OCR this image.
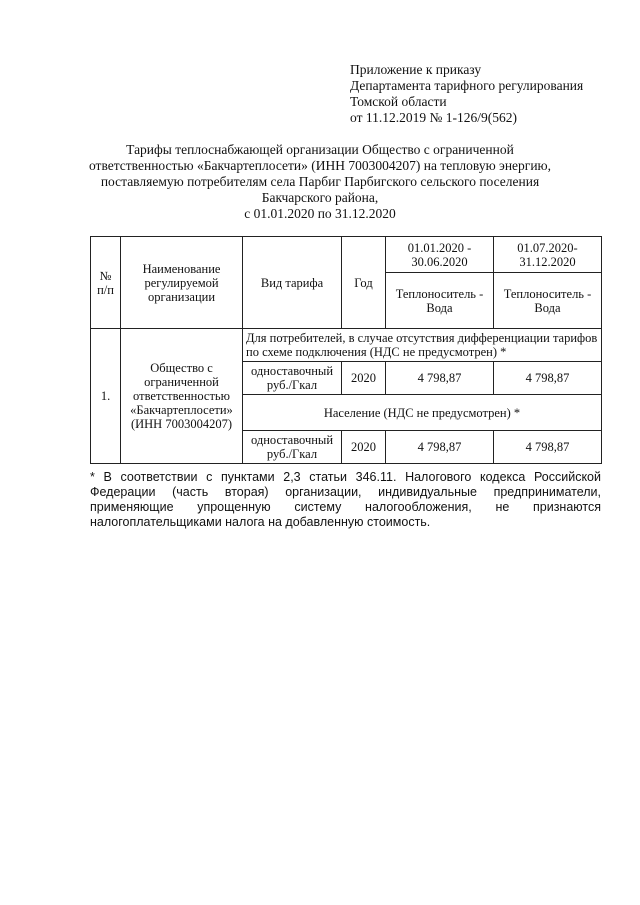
Приложение к приказу
Департамента тарифного регулирования
Томской области
от 11.12.2019 № 1-126/9(562)
Тарифы теплоснабжающей организации Общество с ограниченной
ответственностью «Бакчартеплосети» (ИНН 7003004207) на тепловую энергию,
поставляемую потребителям села Парбиг Парбигского сельского поселения
Бакчарского района,
с 01.01.2020 по 31.12.2020
№ п/п	Наименование регулируемой организации	Вид тарифа	Год	01.01.2020 - 30.06.2020	01.07.2020- 31.12.2020
				Теплоноситель - Вода	Теплоноситель - Вода
1.	Общество с ограниченной ответственностью «Бакчартеплосети» (ИНН 7003004207)	Для потребителей, в случае отсутствия дифференциации тарифов по схеме подключения (НДС не предусмотрен) *			
		одноставочный руб./Гкал	2020	4 798,87	4 798,87
		Население (НДС не предусмотрен) *			
		одноставочный руб./Гкал	2020	4 798,87	4 798,87
* В соответствии с пунктами 2,3 статьи 346.11. Налогового кодекса Российской
Федерации (часть вторая) организации, индивидуальные предприниматели,
применяющие упрощенную систему налогообложения, не признаются
налогоплательщиками налога на добавленную стоимость.
